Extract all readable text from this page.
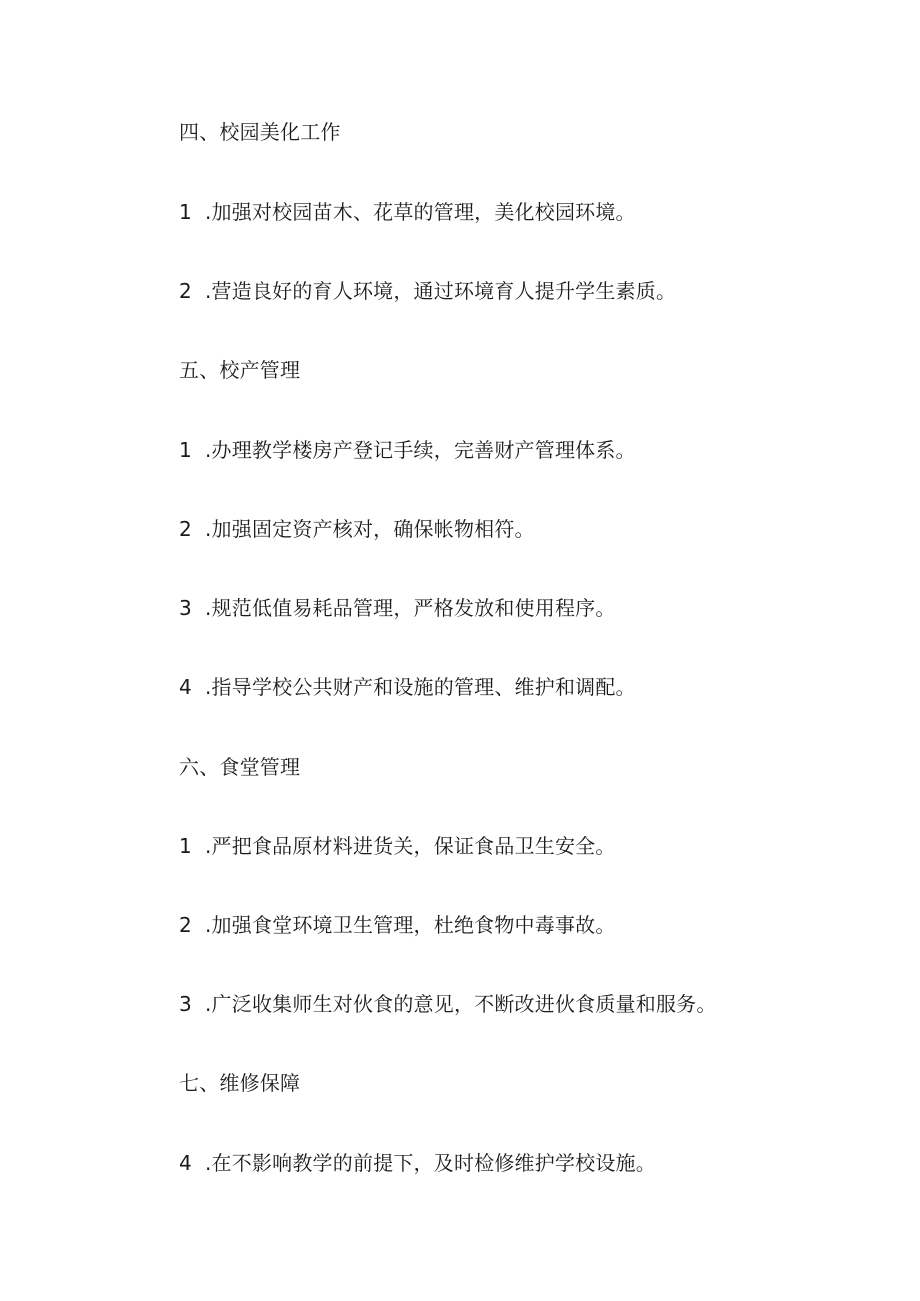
四、校园美化工作
1 .加强对校园苗木、花草的管理，美化校园环境。
2 .营造良好的育人环境，通过环境育人提升学生素质。
五、校产管理
1 .办理教学楼房产登记手续，完善财产管理体系。
2 .加强固定资产核对，确保帐物相符。
3 .规范低值易耗品管理，严格发放和使用程序。
4 .指导学校公共财产和设施的管理、维护和调配。
六、食堂管理
1 .严把食品原材料进货关，保证食品卫生安全。
2 .加强食堂环境卫生管理，杜绝食物中毒事故。
3 .广泛收集师生对伙食的意见，不断改进伙食质量和服务。
七、维修保障
4 .在不影响教学的前提下，及时检修维护学校设施。
